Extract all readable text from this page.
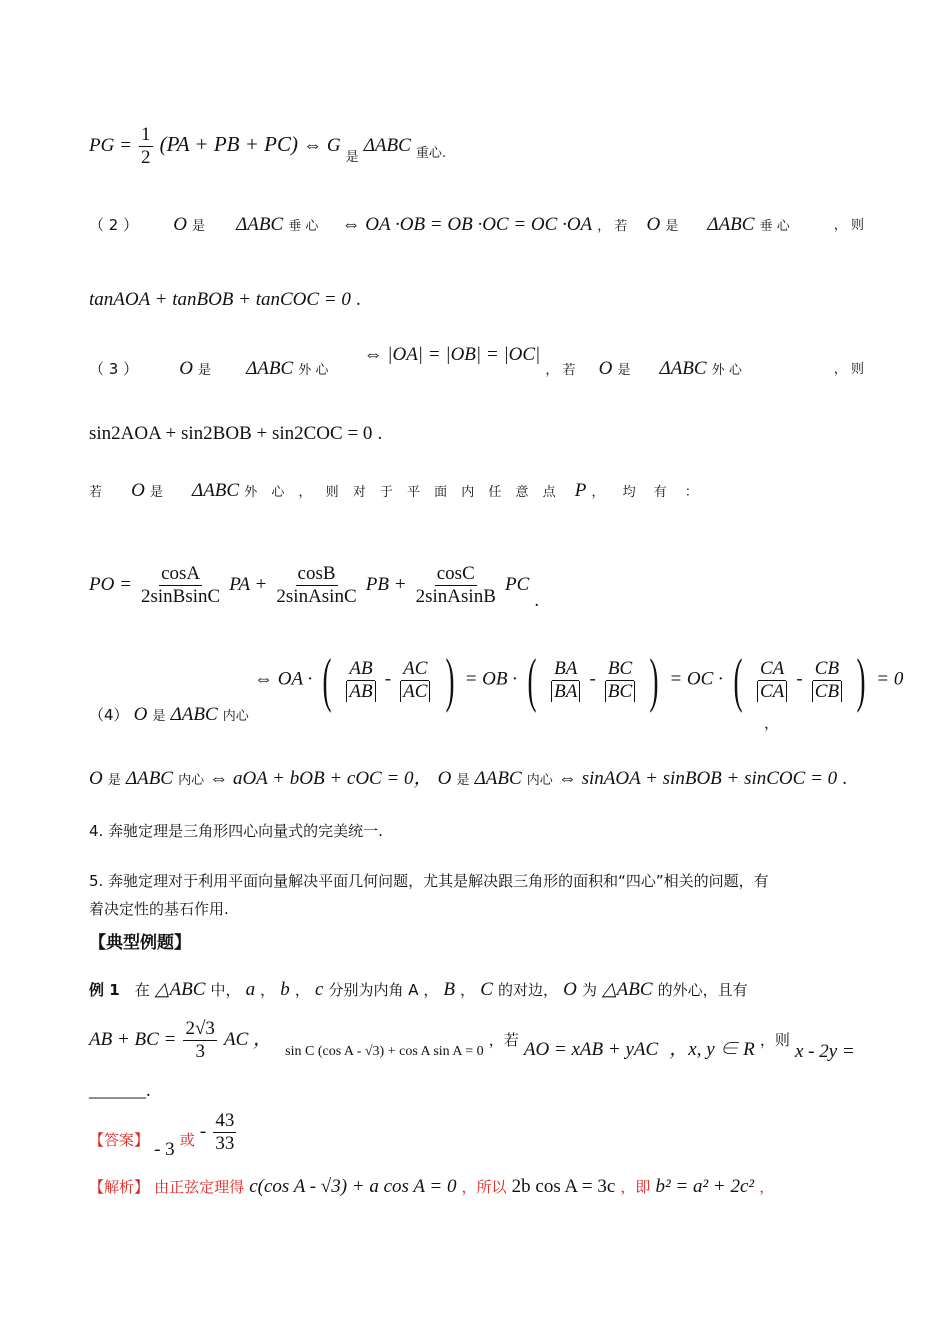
PG = $\frac{1}{2} (PA$ + PB + PC) ⇔ G $_是$ ΔABC $_{重心.}$
（ 2 ） O 是 ΔABC 垂 心 ⇔ OA ·OB = OB ·OC = OC ·OA ， 若 O 是 ΔABC 垂 心	， 则
tanAOA + tanBOB + tanCOC = 0 .
（ 3 ） O 是 ΔABC 外 心 ⇔ |OA| = |OB| = |OC| ， 若 O 是 ΔABC 外 心	， 则
sin2AOA + sin2BOB + sin2COC = 0 .
若 O 是 ΔABC 外 心 ， 则 对 于 平 面 内 任 意 点 P ， 均 有 ：
PO = $\frac{\cos A}{\text{2sinBsinC}}$ PA + $\frac{\cos B}{\text{2sinAsinC}}$ PB + $\frac{\cos C}{\text{2sinAsinB}}$ PC .
（4） O 是 ΔABC 内心
⇔ OA · ( $\frac{AB}{AB} - \frac{AC}{AC}$ ) = OB · ( $\frac{BA}{BA} - \frac{BC}{BC}$ ) = OC · ( $\frac{CA}{CA} - \frac{CB}{CB}$ ) = 0
，
O 是 ΔABC 内心 ⇔ aOA + bOB + cOC = 0， O 是 ΔABC 内心 ⇔ sinAOA + sinBOB + sinCOC = 0 .
4. 奔驰定理是三角形四心向量式的完美统一.
5. 奔驰定理对于利用平面向量解决平面几何问题，尤其是解决跟三角形的面积和“四心”相关的问题，有
着决定性的基石作用.
【典型例题】
例 1 在 △ABC 中， a ， b ， c 分别为内角 A ， B ， C 的对边， O 为 △ABC 的外心，且有
AB + BC = $\frac{2√3}{3}$ AC ， sin C (cos A - √3) + cos A sin A = 0 ，若 AO = xAB + yAC ，x, y ∈ R ，则 x - 2y =
______.
【答案】 - 3 或 - $\frac{43}{33}$
【解析】 由正弦定理得 c(cos A - √3) + a cos A = 0 ，所以 2b cos A = 3c ，即 b² = a² + 2c² ，
